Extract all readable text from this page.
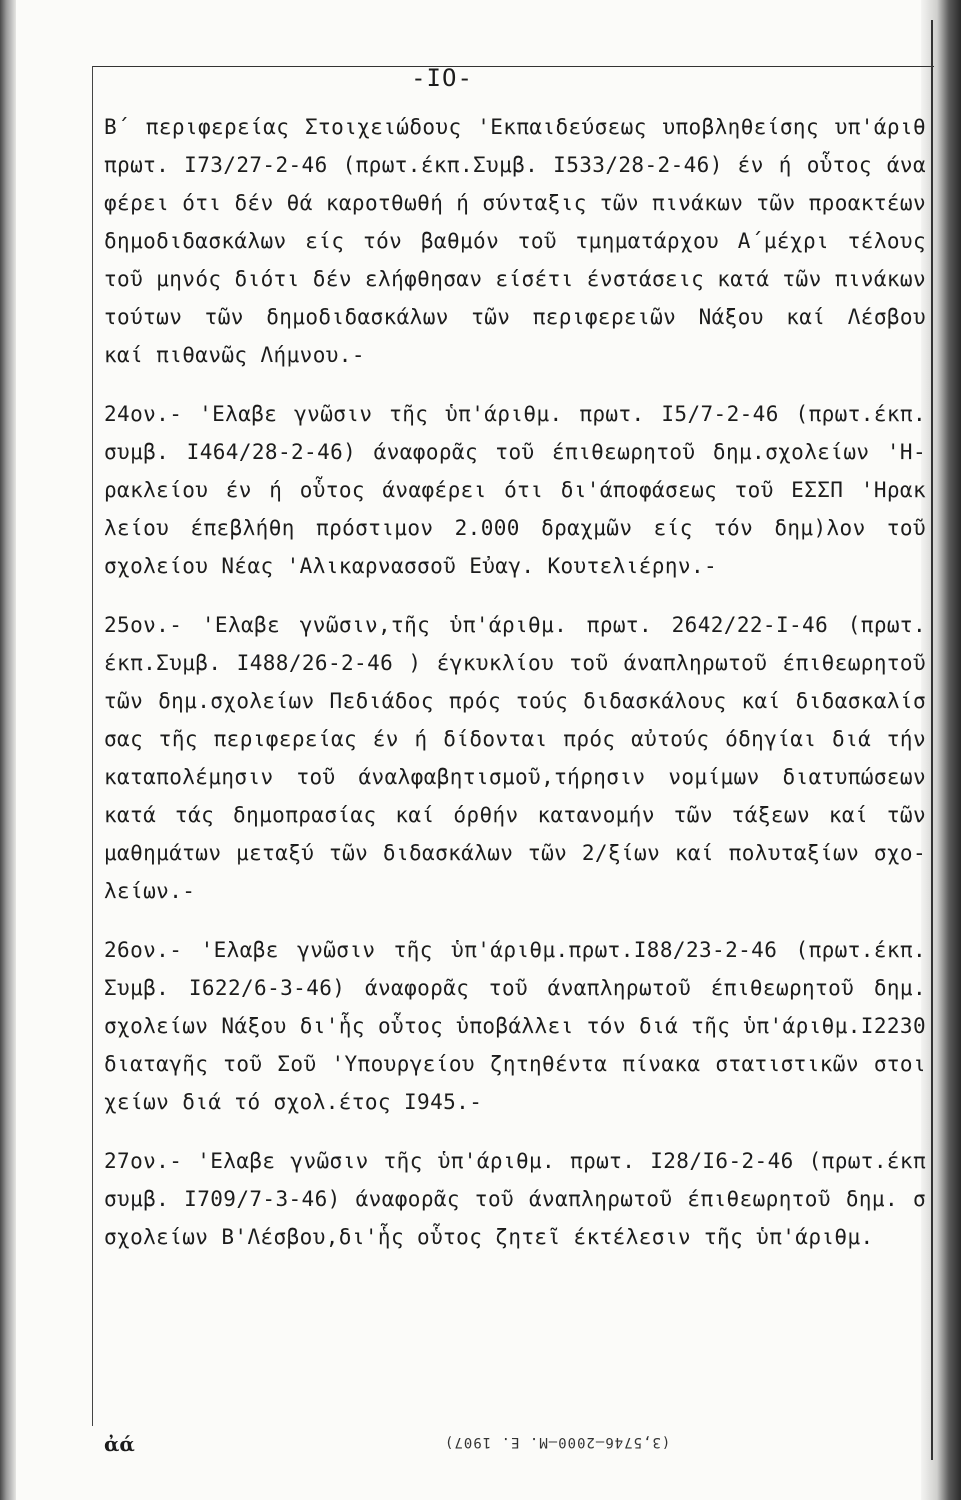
-IO-
Β΄ περιφερείας Στοιχειώδους 'Εκπαιδεύσεως υποβληθείσης υπ'άριθ
πρωτ. I73/27-2-46 (πρωτ.έκπ.Συμβ. I533/28-2-46) έν ή οὗτος άνα
φέρει ότι δέν θά καροτθωθή ή σύνταξις τῶν πινάκων τῶν προακτέων
δημοδιδασκάλων είς τόν βαθμόν τοῦ τμηματάρχου Α΄μέχρι τέλους
τοῦ μηνός διότι δέν ελήφθησαν είσέτι ένστάσεις κατά τῶν πινάκων
τούτων τῶν δημοδιδασκάλων τῶν περιφερειῶν Νάξου καί Λέσβου
καί πιθανῶς Λήμνου.-
24ον.- 'Ελαβε γνῶσιν τῆς ὑπ'άριθμ. πρωτ. I5/7-2-46 (πρωτ.έκπ.
συμβ. I464/28-2-46) άναφορᾶς τοῦ έπιθεωρητοῦ δημ.σχολείων 'Η-
ρακλείου έν ή οὗτος άναφέρει ότι δι'άποφάσεως τοῦ ΕΣΣΠ 'Ηρακ
λείου έπεβλήθη πρόστιμον 2.000 δραχμῶν είς τόν δημ)λον τοῦ
σχολείου Νέας 'Αλικαρνασσοῦ Εὐαγ. Κουτελιέρην.-
25ον.- 'Ελαβε γνῶσιν,τῆς ὑπ'άριθμ. πρωτ. 2642/22-I-46 (πρωτ.
έκπ.Συμβ. I488/26-2-46 ) έγκυκλίου τοῦ άναπληρωτοῦ έπιθεωρητοῦ
τῶν δημ.σχολείων Πεδιάδος πρός τούς διδασκάλους καί διδασκαλίσ
σας τῆς περιφερείας έν ή δίδονται πρός αὐτούς όδηγίαι διά τήν
καταπολέμησιν τοῦ άναλφαβητισμοῦ,τήρησιν νομίμων διατυπώσεων
κατά τάς δημοπρασίας καί όρθήν κατανομήν τῶν τάξεων καί τῶν
μαθημάτων μεταξύ τῶν διδασκάλων τῶν 2/ξίων καί πολυταξίων σχο-
λείων.-
26ον.- 'Ελαβε γνῶσιν τῆς ὑπ'άριθμ.πρωτ.I88/23-2-46 (πρωτ.έκπ.
Συμβ. I622/6-3-46) άναφορᾶς τοῦ άναπληρωτοῦ έπιθεωρητοῦ δημ.
σχολείων Νάξου δι'ἧς οὗτος ὑποβάλλει τόν διά τῆς ὑπ'άριθμ.I2230
διαταγῆς τοῦ Σοῦ 'Υπουργείου ζητηθέντα πίνακα στατιστικῶν στοι
χείων διά τό σχολ.έτος I945.-
27ον.- 'Ελαβε γνῶσιν τῆς ὑπ'άριθμ. πρωτ. I28/I6-2-46 (πρωτ.έκπ
συμβ. I709/7-3-46) άναφορᾶς τοῦ άναπληρωτοῦ έπιθεωρητοῦ δημ. σ
σχολείων Β'Λέσβου,δι'ἧς οὗτος ζητεῖ έκτέλεσιν τῆς ὑπ'άριθμ.
ἀά	(3,5746—2000—Μ. Ε. 1907)
